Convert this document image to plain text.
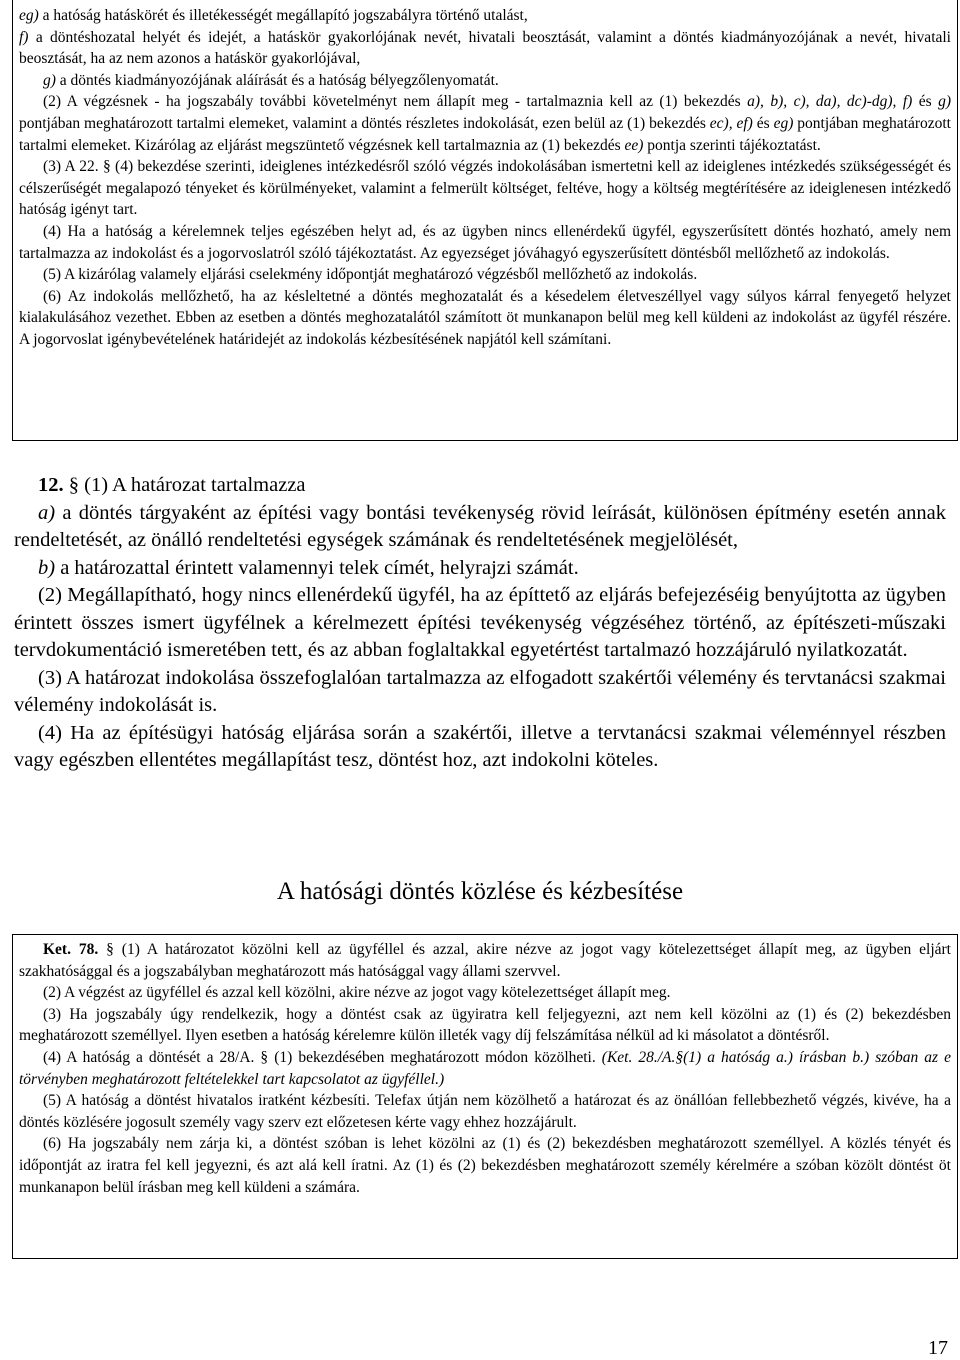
eg) a hatóság hatáskörét és illetékességét megállapító jogszabályra történő utalást,

f) a döntéshozatal helyét és idejét, a hatáskör gyakorlójának nevét, hivatali beosztását, valamint a döntés kiadmányozójának a nevét, hivatali beosztását, ha az nem azonos a hatáskör gyakorlójával,

g) a döntés kiadmányozójának aláírását és a hatóság bélyegzőlenyomatát.

(2) A végzésnek - ha jogszabály további követelményt nem állapít meg - tartalmaznia kell az (1) bekezdés a), b), c), da), dc)-dg), f) és g) pontjában meghatározott tartalmi elemeket, valamint a döntés részletes indokolását, ezen belül az (1) bekezdés ec), ef) és eg) pontjában meghatározott tartalmi elemeket. Kizárólag az eljárást megszüntető végzésnek kell tartalmaznia az (1) bekezdés ee) pontja szerinti tájékoztatást.

(3) A 22. § (4) bekezdése szerinti, ideiglenes intézkedésről szóló végzés indokolásában ismertetni kell az ideiglenes intézkedés szükségességét és célszerűségét megalapozó tényeket és körülményeket, valamint a felmerült költséget, feltéve, hogy a költség megtérítésére az ideiglenesen intézkedő hatóság igényt tart.

(4) Ha a hatóság a kérelemnek teljes egészében helyt ad, és az ügyben nincs ellenérdekű ügyfél, egyszerűsített döntés hozható, amely nem tartalmazza az indokolást és a jogorvoslatról szóló tájékoztatást. Az egyezséget jóváhagyó egyszerűsített döntésből mellőzhető az indokolás.

(5) A kizárólag valamely eljárási cselekmény időpontját meghatározó végzésből mellőzhető az indokolás.

(6) Az indokolás mellőzhető, ha az késleltetné a döntés meghozatalát és a késedelem életveszéllyel vagy súlyos kárral fenyegető helyzet kialakulásához vezethet. Ebben az esetben a döntés meghozatalától számított öt munkanapon belül meg kell küldeni az indokolást az ügyfél részére. A jogorvoslat igénybevételének határidejét az indokolás kézbesítésének napjától kell számítani.

12. § (1) A határozat tartalmazza

a) a döntés tárgyaként az építési vagy bontási tevékenység rövid leírását, különösen építmény esetén annak rendeltetését, az önálló rendeltetési egységek számának és rendeltetésének megjelölését,

b) a határozattal érintett valamennyi telek címét, helyrajzi számát.

(2) Megállapítható, hogy nincs ellenérdekű ügyfél, ha az építtető az eljárás befejezéséig benyújtotta az ügyben érintett összes ismert ügyfélnek a kérelmezett építési tevékenység végzéséhez történő, az építészeti-műszaki tervdokumentáció ismeretében tett, és az abban foglaltakkal egyetértést tartalmazó hozzájáruló nyilatkozatát.

(3) A határozat indokolása összefoglalóan tartalmazza az elfogadott szakértői vélemény és tervtanácsi szakmai vélemény indokolását is.

(4) Ha az építésügyi hatóság eljárása során a szakértői, illetve a tervtanácsi szakmai véleménnyel részben vagy egészben ellentétes megállapítást tesz, döntést hoz, azt indokolni köteles.

A hatósági döntés közlése és kézbesítése

Ket. 78. § (1) A határozatot közölni kell az ügyféllel és azzal, akire nézve az jogot vagy kötelezettséget állapít meg, az ügyben eljárt szakhatósággal és a jogszabályban meghatározott más hatósággal vagy állami szervvel.

(2) A végzést az ügyféllel és azzal kell közölni, akire nézve az jogot vagy kötelezettséget állapít meg.

(3) Ha jogszabály úgy rendelkezik, hogy a döntést csak az ügyiratra kell feljegyezni, azt nem kell közölni az (1) és (2) bekezdésben meghatározott személlyel. Ilyen esetben a hatóság kérelemre külön illeték vagy díj felszámítása nélkül ad ki másolatot a döntésről.

(4) A hatóság a döntését a 28/A. § (1) bekezdésében meghatározott módon közölheti. (Ket. 28./A.§(1) a hatóság a.) írásban b.) szóban az e törvényben meghatározott feltételekkel tart kapcsolatot az ügyféllel.)

(5) A hatóság a döntést hivatalos iratként kézbesíti. Telefax útján nem közölhető a határozat és az önállóan fellebbezhető végzés, kivéve, ha a döntés közlésére jogosult személy vagy szerv ezt előzetesen kérte vagy ehhez hozzájárult.

(6) Ha jogszabály nem zárja ki, a döntést szóban is lehet közölni az (1) és (2) bekezdésben meghatározott személlyel. A közlés tényét és időpontját az iratra fel kell jegyezni, és azt alá kell íratni. Az (1) és (2) bekezdésben meghatározott személy kérelmére a szóban közölt döntést öt munkanapon belül írásban meg kell küldeni a számára.

17
